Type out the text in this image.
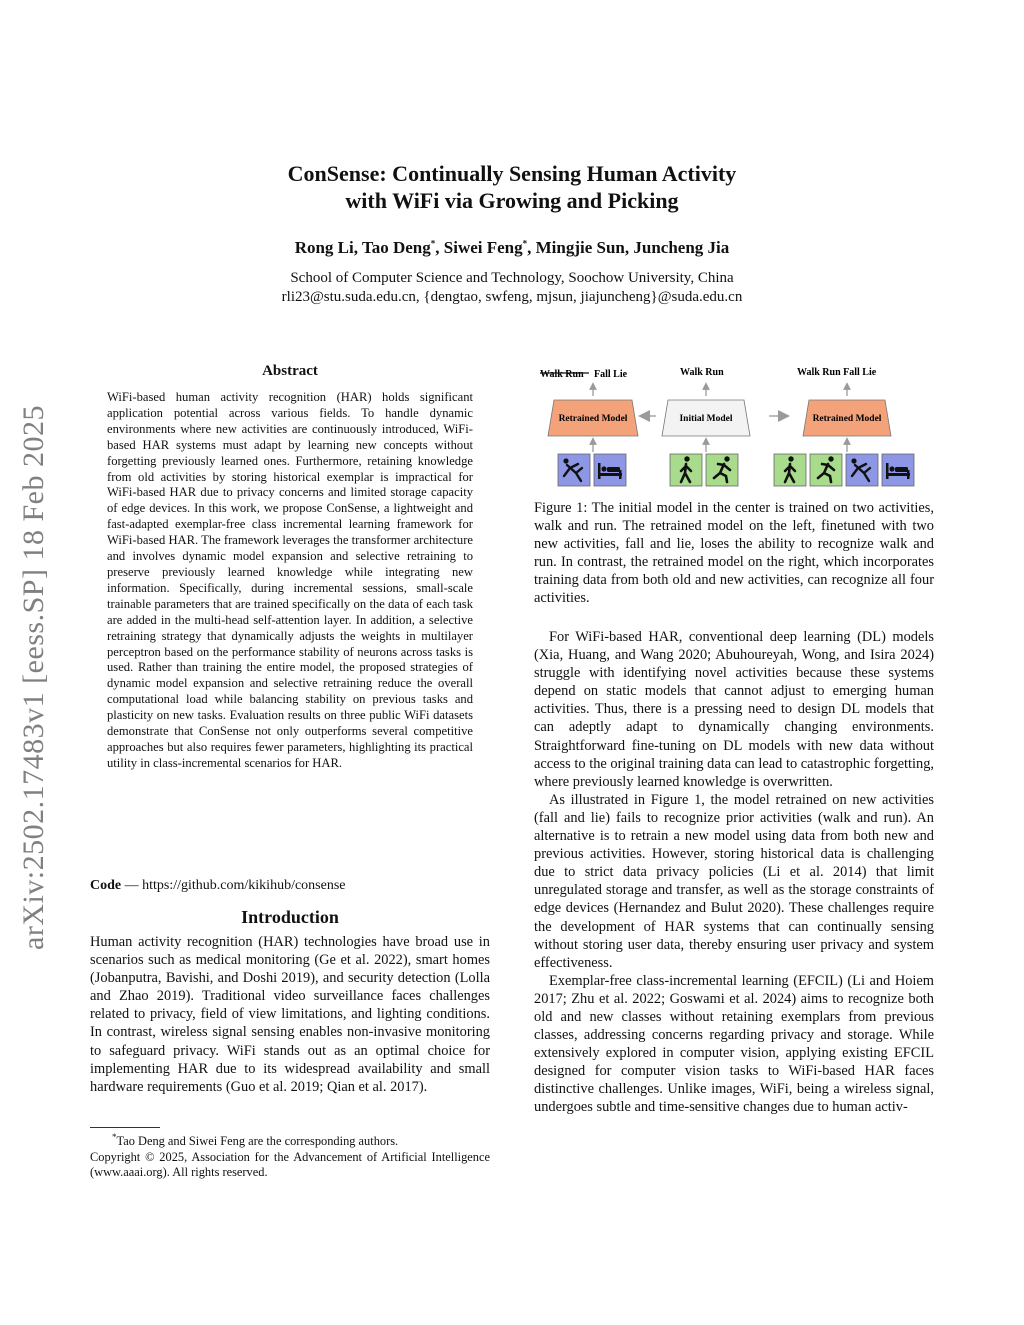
arXiv:2502.17483v1 [eess.SP] 18 Feb 2025
ConSense: Continually Sensing Human Activity
with WiFi via Growing and Picking
Rong Li, Tao Deng*, Siwei Feng*, Mingjie Sun, Juncheng Jia
School of Computer Science and Technology, Soochow University, China
rli23@stu.suda.edu.cn, {dengtao, swfeng, mjsun, jiajuncheng}@suda.edu.cn
Abstract
WiFi-based human activity recognition (HAR) holds significant application potential across various fields. To handle dynamic environments where new activities are continuously introduced, WiFi-based HAR systems must adapt by learning new concepts without forgetting previously learned ones. Furthermore, retaining knowledge from old activities by storing historical exemplar is impractical for WiFi-based HAR due to privacy concerns and limited storage capacity of edge devices. In this work, we propose ConSense, a lightweight and fast-adapted exemplar-free class incremental learning framework for WiFi-based HAR. The framework leverages the transformer architecture and involves dynamic model expansion and selective retraining to preserve previously learned knowledge while integrating new information. Specifically, during incremental sessions, small-scale trainable parameters that are trained specifically on the data of each task are added in the multi-head self-attention layer. In addition, a selective retraining strategy that dynamically adjusts the weights in multilayer perceptron based on the performance stability of neurons across tasks is used. Rather than training the entire model, the proposed strategies of dynamic model expansion and selective retraining reduce the overall computational load while balancing stability on previous tasks and plasticity on new tasks. Evaluation results on three public WiFi datasets demonstrate that ConSense not only outperforms several competitive approaches but also requires fewer parameters, highlighting its practical utility in class-incremental scenarios for HAR.
Code — https://github.com/kikihub/consense
Introduction
Human activity recognition (HAR) technologies have broad use in scenarios such as medical monitoring (Ge et al. 2022), smart homes (Jobanputra, Bavishi, and Doshi 2019), and security detection (Lolla and Zhao 2019). Traditional video surveillance faces challenges related to privacy, field of view limitations, and lighting conditions. In contrast, wireless signal sensing enables non-invasive monitoring to safeguard privacy. WiFi stands out as an optimal choice for implementing HAR due to its widespread availability and small hardware requirements (Guo et al. 2019; Qian et al. 2017).

*Tao Deng and Siwei Feng are the corresponding authors.

Copyright © 2025, Association for the Advancement of Artificial Intelligence (www.aaai.org). All rights reserved.

Walk Run Fall Lie	Walk Run	Walk Run Fall Lie
Retrained Model	Initial Model	Retrained Model
Figure 1: The initial model in the center is trained on two activities, walk and run. The retrained model on the left, finetuned with two new activities, fall and lie, loses the ability to recognize walk and run. In contrast, the retrained model on the right, which incorporates training data from both old and new activities, can recognize all four activities.

For WiFi-based HAR, conventional deep learning (DL) models (Xia, Huang, and Wang 2020; Abuhoureyah, Wong, and Isira 2024) struggle with identifying novel activities because these systems depend on static models that cannot adjust to emerging human activities. Thus, there is a pressing need to design DL models that can adeptly adapt to dynamically changing environments. Straightforward fine-tuning on DL models with new data without access to the original training data can lead to catastrophic forgetting, where previously learned knowledge is overwritten.

As illustrated in Figure 1, the model retrained on new activities (fall and lie) fails to recognize prior activities (walk and run). An alternative is to retrain a new model using data from both new and previous activities. However, storing historical data is challenging due to strict data privacy policies (Li et al. 2014) that limit unregulated storage and transfer, as well as the storage constraints of edge devices (Hernandez and Bulut 2020). These challenges require the development of HAR systems that can continually sensing without storing user data, thereby ensuring user privacy and system effectiveness.

Exemplar-free class-incremental learning (EFCIL) (Li and Hoiem 2017; Zhu et al. 2022; Goswami et al. 2024) aims to recognize both old and new classes without retaining exemplars from previous classes, addressing concerns regarding privacy and storage. While extensively explored in computer vision, applying existing EFCIL designed for computer vision tasks to WiFi-based HAR faces distinctive challenges. Unlike images, WiFi, being a wireless signal, undergoes subtle and time-sensitive changes due to human activ-
